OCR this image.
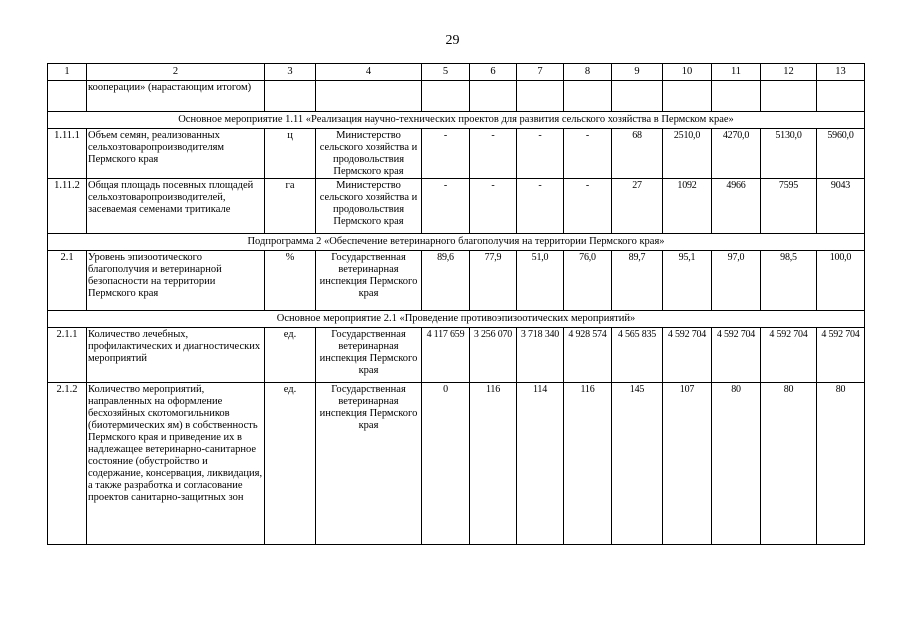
29
1	2	3	4	5	6	7	8	9	10	11	12	13
	кооперации» (нарастающим итогом)											
Основное мероприятие 1.11 «Реализация научно-технических проектов для развития сельского хозяйства в Пермском крае»												
1.11.1	Объем семян, реализованных сельхозтоваропроизводителям Пермского края	ц	Министерство сельского хозяйства и продовольствия Пермского края	-	-	-	-	68	2510,0	4270,0	5130,0	5960,0
1.11.2	Общая площадь посевных площадей сельхозтоваропроизводителей, засеваемая семенами тритикале	га	Министерство сельского хозяйства и продовольствия Пермского края	-	-	-	-	27	1092	4966	7595	9043
Подпрограмма 2 «Обеспечение ветеринарного благополучия на территории Пермского края»												
2.1	Уровень эпизоотического благополучия и ветеринарной безопасности на территории Пермского края	%	Государственная ветеринарная инспекция Пермского края	89,6	77,9	51,0	76,0	89,7	95,1	97,0	98,5	100,0
Основное мероприятие 2.1 «Проведение противоэпизоотических мероприятий»												
2.1.1	Количество лечебных, профилактических и диагностических мероприятий	ед.	Государственная ветеринарная инспекция Пермского края	4 117 659	3 256 070	3 718 340	4 928 574	4 565 835	4 592 704	4 592 704	4 592 704	4 592 704
2.1.2	Количество мероприятий, направленных на оформление бесхозяйных скотомогильников (биотермических ям) в собственность Пермского края и приведение их в надлежащее ветеринарно-санитарное состояние (обустройство и содержание, консервация, ликвидация, а также разработка и согласование проектов санитарно-защитных зон	ед.	Государственная ветеринарная инспекция Пермского края	0	116	114	116	145	107	80	80	80
